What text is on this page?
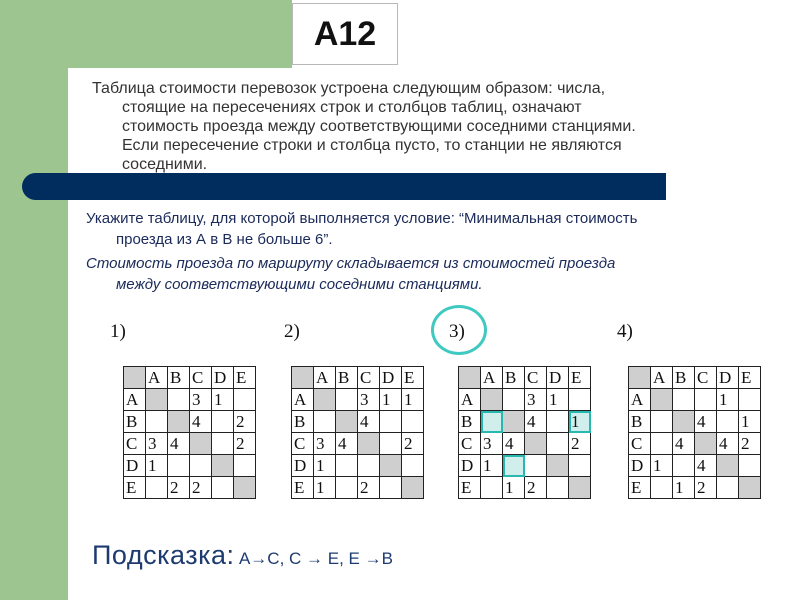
А12
Таблица стоимости перевозок устроена следующим образом: числа,
стоящие на пересечениях строк и столбцов таблиц, означают
стоимость проезда между соответствующими соседними станциями.
Если пересечение строки и столбца пусто, то станции не являются
соседними.
Укажите таблицу, для которой выполняется условие: “Минимальная стоимость
проезда из А в В не больше 6”.
Стоимость проезда по маршруту складывается из стоимостей проезда
между соответствующими соседними станциями.
1)	2)	3)	4)
	A	B	C	D	E
A			3	1	
B			4		2
C	3	4			2
D	1				
E		2	2		
	A	B	C	D	E
A			3	1	1
B			4		
C	3	4			2
D	1				
E	1		2		
	A	B	C	D	E
A			3	1	
B			4		1
C	3	4			2
D	1				
E		1	2		
	A	B	C	D	E
A				1	
B			4		1
C		4		4	2
D	1		4		
E		1	2		
Подсказка: А→С, С → Е, Е →В
